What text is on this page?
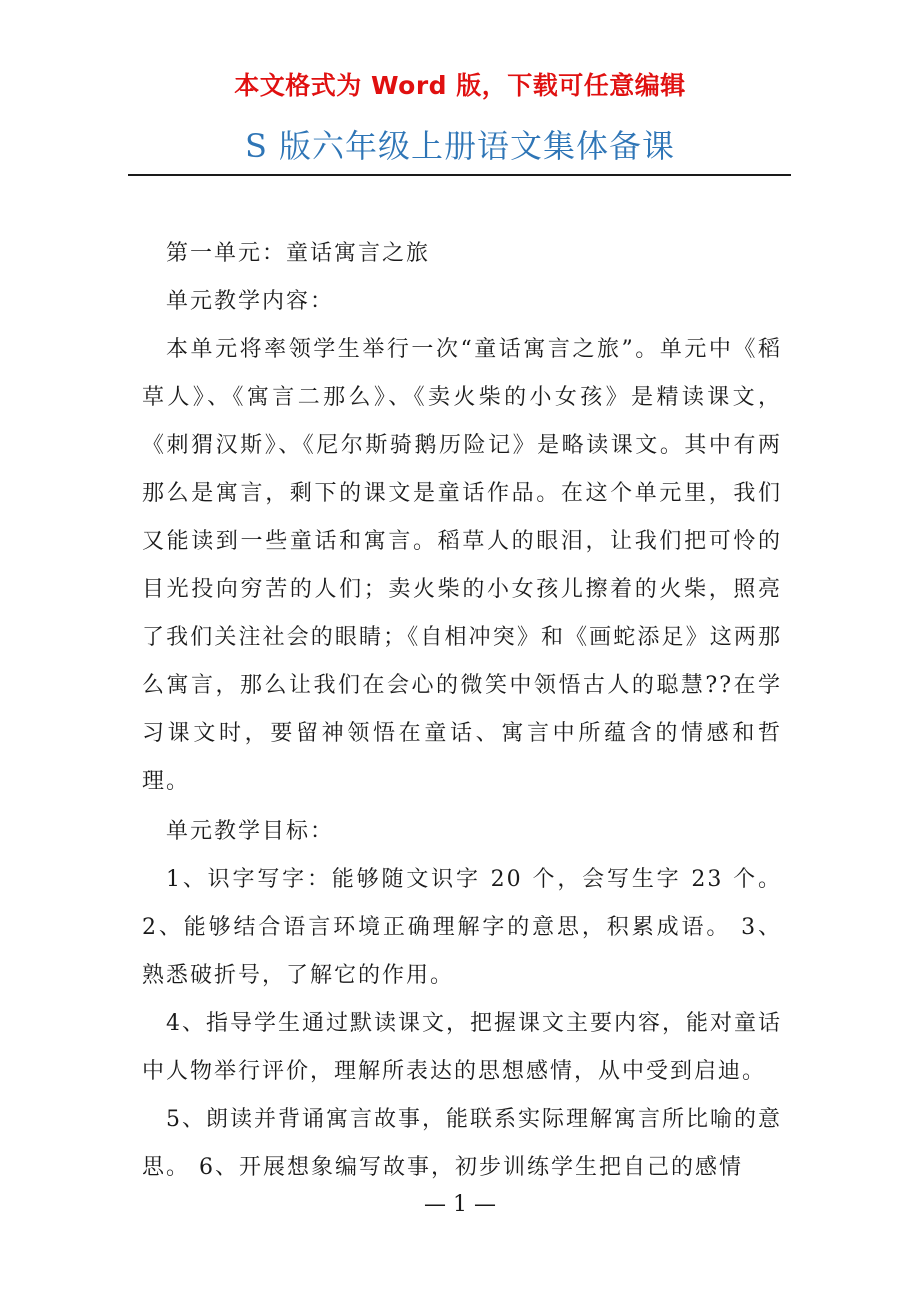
本文格式为 Word 版，下载可任意编辑
S 版六年级上册语文集体备课

第一单元：童话寓言之旅

单元教学内容：

本单元将率领学生举行一次“童话寓言之旅”。单元中《稻草人》、《寓言二那么》、《卖火柴的小女孩》是精读课文，《刺猬汉斯》、《尼尔斯骑鹅历险记》是略读课文。其中有两那么是寓言，剩下的课文是童话作品。在这个单元里，我们又能读到一些童话和寓言。稻草人的眼泪，让我们把可怜的目光投向穷苦的人们；卖火柴的小女孩儿擦着的火柴，照亮了我们关注社会的眼睛；《自相冲突》和《画蛇添足》这两那么寓言，那么让我们在会心的微笑中领悟古人的聪慧??在学习课文时，要留神领悟在童话、寓言中所蕴含的情感和哲理。

单元教学目标：

1、识字写字：能够随文识字 20 个，会写生字 23 个。 2、能够结合语言环境正确理解字的意思，积累成语。 3、熟悉破折号，了解它的作用。

4、指导学生通过默读课文，把握课文主要内容，能对童话中人物举行评价，理解所表达的思想感情，从中受到启迪。

5、朗读并背诵寓言故事，能联系实际理解寓言所比喻的意思。 6、开展想象编写故事，初步训练学生把自己的感情

— 1 —
